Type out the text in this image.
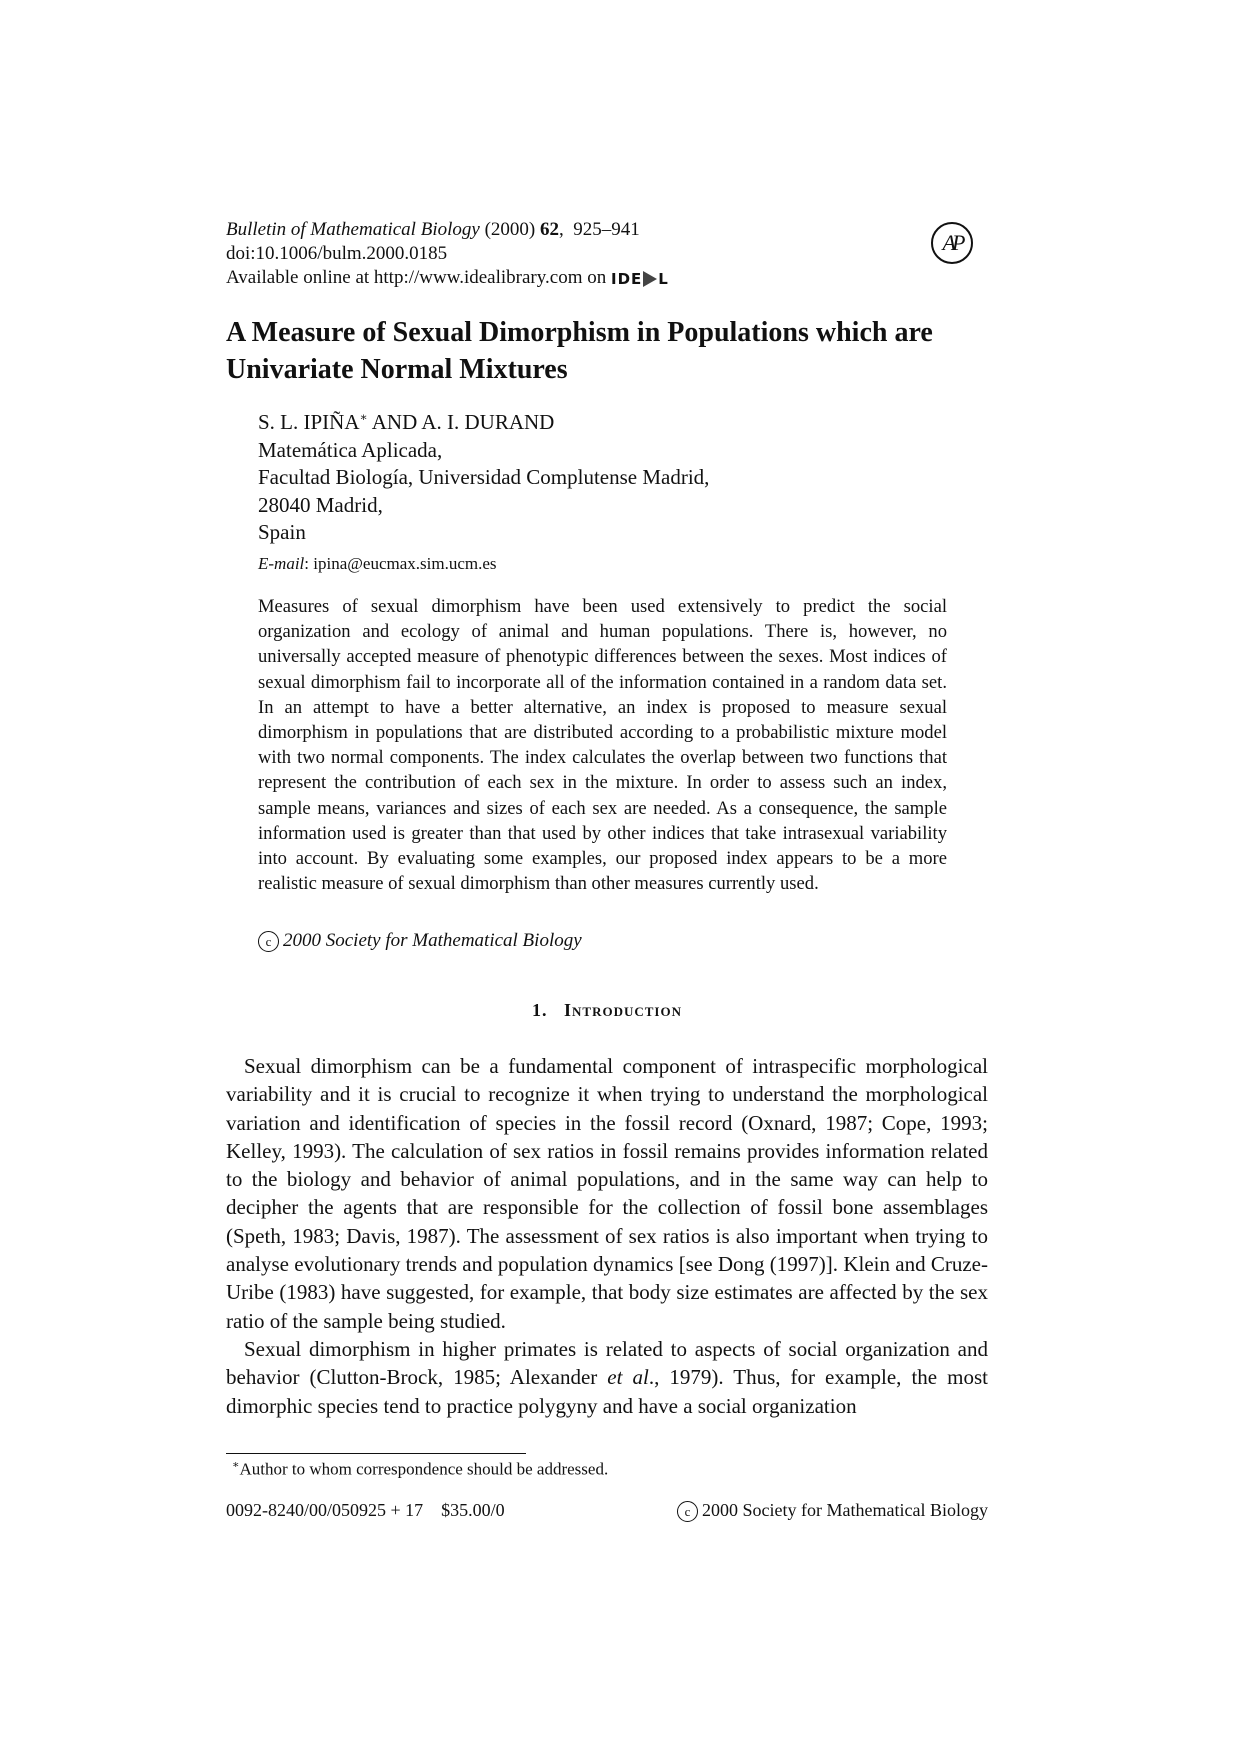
Bulletin of Mathematical Biology (2000) 62,  925–941
doi:10.1006/bulm.2000.0185
Available online at http://www.idealibrary.com on IDE L
AP
A Measure of Sexual Dimorphism in Populations which are Univariate Normal Mixtures
S. L. IPIÑA∗ AND A. I. DURAND
Matemática Aplicada,
Facultad Biología, Universidad Complutense Madrid,
28040 Madrid,
Spain
E-mail: ipina@eucmax.sim.ucm.es

Measures of sexual dimorphism have been used extensively to predict the social organization and ecology of animal and human populations. There is, however, no universally accepted measure of phenotypic differences between the sexes. Most indices of sexual dimorphism fail to incorporate all of the information contained in a random data set. In an attempt to have a better alternative, an index is proposed to measure sexual dimorphism in populations that are distributed according to a probabilistic mixture model with two normal components. The index calculates the overlap between two functions that represent the contribution of each sex in the mixture. In order to assess such an index, sample means, variances and sizes of each sex are needed. As a consequence, the sample information used is greater than that used by other indices that take intrasexual variability into account. By evaluating some examples, our proposed index appears to be a more realistic measure of sexual dimorphism than other measures currently used.

c 2000 Society for Mathematical Biology
1. Introduction

Sexual dimorphism can be a fundamental component of intraspecific morphological variability and it is crucial to recognize it when trying to understand the morphological variation and identification of species in the fossil record (Oxnard, 1987; Cope, 1993; Kelley, 1993). The calculation of sex ratios in fossil remains provides information related to the biology and behavior of animal populations, and in the same way can help to decipher the agents that are responsible for the collection of fossil bone assemblages (Speth, 1983; Davis, 1987). The assessment of sex ratios is also important when trying to analyse evolutionary trends and population dynamics [see Dong (1997)]. Klein and Cruze-Uribe (1983) have suggested, for example, that body size estimates are affected by the sex ratio of the sample being studied.

Sexual dimorphism in higher primates is related to aspects of social organization and behavior (Clutton-Brock, 1985; Alexander et al., 1979). Thus, for example, the most dimorphic species tend to practice polygyny and have a social organization

∗Author to whom correspondence should be addressed.
0092-8240/00/050925 + 17    $35.00/0	c 2000 Society for Mathematical Biology
